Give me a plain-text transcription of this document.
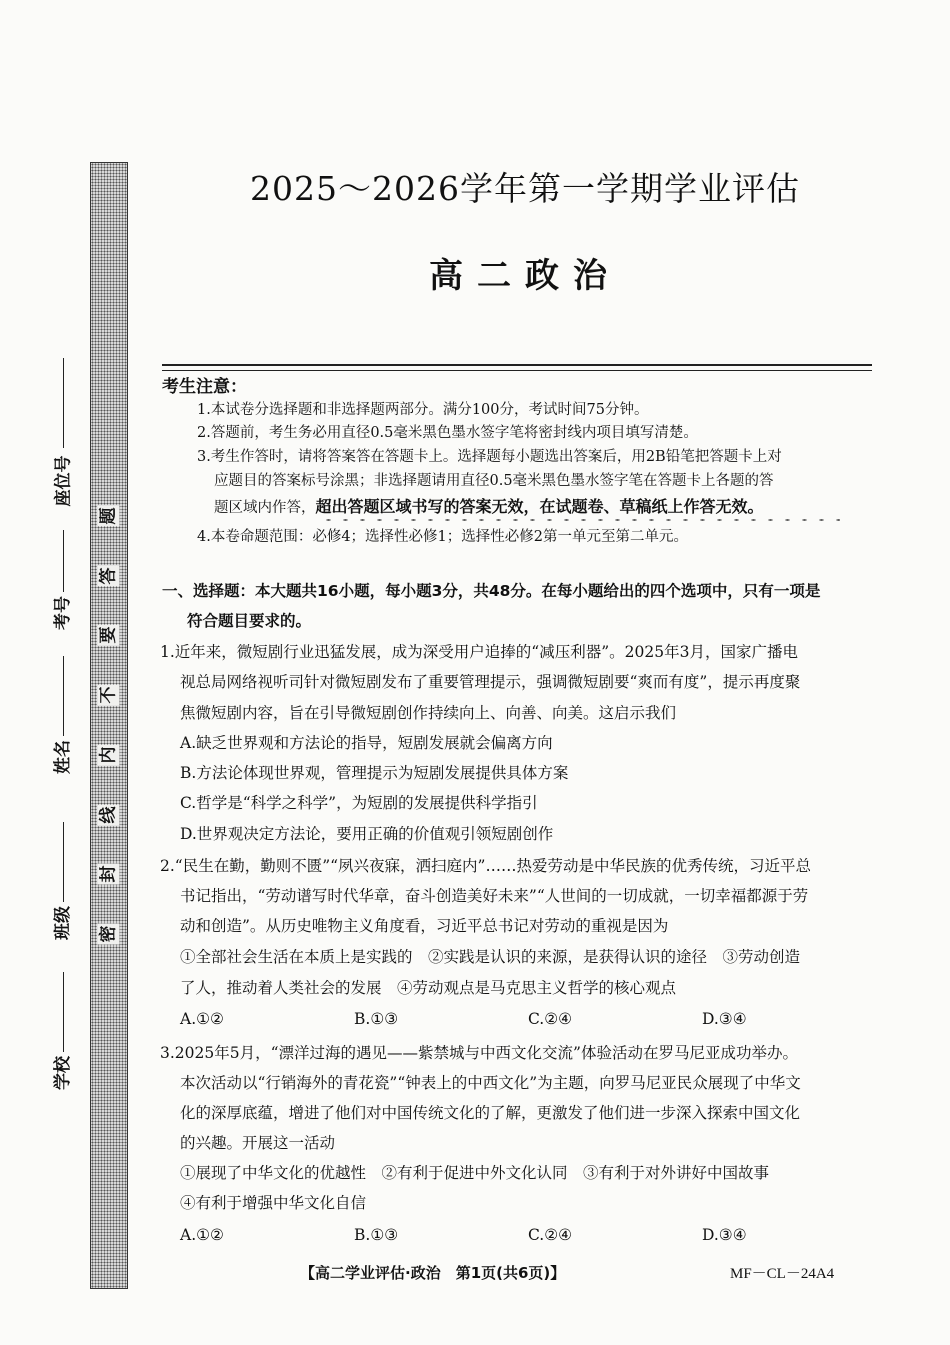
题
答
要
不
内
线
封
密
座位号
考号
姓名
班级
学校
2025～2026学年第一学期学业评估
高二政治
考生注意：
1.本试卷分选择题和非选择题两部分。满分100分，考试时间75分钟。
2.答题前，考生务必用直径0.5毫米黑色墨水签字笔将密封线内项目填写清楚。
3.考生作答时，请将答案答在答题卡上。选择题每小题选出答案后，用2B铅笔把答题卡上对
应题目的答案标号涂黑；非选择题请用直径0.5毫米黑色墨水签字笔在答题卡上各题的答
题区域内作答，超出答题区域书写的答案无效，在试题卷、草稿纸上作答无效。
4.本卷命题范围：必修4；选择性必修1；选择性必修2第一单元至第二单元。
一、选择题：本大题共16小题，每小题3分，共48分。在每小题给出的四个选项中，只有一项是
符合题目要求的。
1.近年来，微短剧行业迅猛发展，成为深受用户追捧的“减压利器”。2025年3月，国家广播电
视总局网络视听司针对微短剧发布了重要管理提示，强调微短剧要“爽而有度”，提示再度聚
焦微短剧内容，旨在引导微短剧创作持续向上、向善、向美。这启示我们
A.缺乏世界观和方法论的指导，短剧发展就会偏离方向
B.方法论体现世界观，管理提示为短剧发展提供具体方案
C.哲学是“科学之科学”，为短剧的发展提供科学指引
D.世界观决定方法论，要用正确的价值观引领短剧创作
2.“民生在勤，勤则不匮”“夙兴夜寐，洒扫庭内”……热爱劳动是中华民族的优秀传统，习近平总
书记指出，“劳动谱写时代华章，奋斗创造美好未来”“人世间的一切成就，一切幸福都源于劳
动和创造”。从历史唯物主义角度看，习近平总书记对劳动的重视是因为
①全部社会生活在本质上是实践的　②实践是认识的来源，是获得认识的途径　③劳动创造
了人，推动着人类社会的发展　④劳动观点是马克思主义哲学的核心观点
A.①②	B.①③	C.②④	D.③④
3.2025年5月，“漂洋过海的遇见——紫禁城与中西文化交流”体验活动在罗马尼亚成功举办。
本次活动以“行销海外的青花瓷”“钟表上的中西文化”为主题，向罗马尼亚民众展现了中华文
化的深厚底蕴，增进了他们对中国传统文化的了解，更激发了他们进一步深入探索中国文化
的兴趣。开展这一活动
①展现了中华文化的优越性　②有利于促进中外文化认同　③有利于对外讲好中国故事
④有利于增强中华文化自信
A.①②	B.①③	C.②④	D.③④
【高二学业评估·政治　第1页(共6页)】	MF－CL－24A4
